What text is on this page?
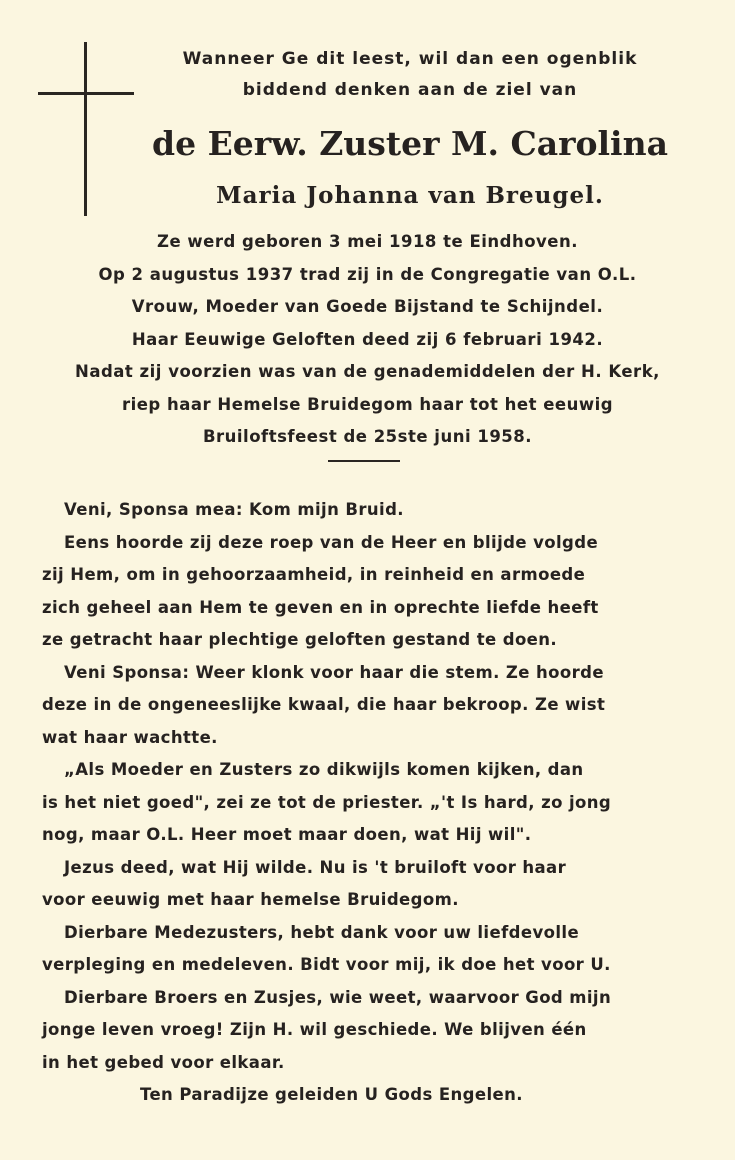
Wanneer Ge dit leest, wil dan een ogenblik
biddend denken aan de ziel van
de Eerw. Zuster M. Carolina
Maria Johanna van Breugel.
Ze werd geboren 3 mei 1918 te Eindhoven.
Op 2 augustus 1937 trad zij in de Congregatie van O.L.
Vrouw, Moeder van Goede Bijstand te Schijndel.
Haar Eeuwige Geloften deed zij 6 februari 1942.
Nadat zij voorzien was van de genademiddelen der H. Kerk,
riep haar Hemelse Bruidegom haar tot het eeuwig
Bruiloftsfeest de 25ste juni 1958.
Veni, Sponsa mea: Kom mijn Bruid.
Eens hoorde zij deze roep van de Heer en blijde volgde
zij Hem, om in gehoorzaamheid, in reinheid en armoede
zich geheel aan Hem te geven en in oprechte liefde heeft
ze getracht haar plechtige geloften gestand te doen.
Veni Sponsa: Weer klonk voor haar die stem. Ze hoorde
deze in de ongeneeslijke kwaal, die haar bekroop. Ze wist
wat haar wachtte.
„Als Moeder en Zusters zo dikwijls komen kijken, dan
is het niet goed", zei ze tot de priester. „'t Is hard, zo jong
nog, maar O.L. Heer moet maar doen, wat Hij wil".
Jezus deed, wat Hij wilde. Nu is 't bruiloft voor haar
voor eeuwig met haar hemelse Bruidegom.
Dierbare Medezusters, hebt dank voor uw liefdevolle
verpleging en medeleven. Bidt voor mij, ik doe het voor U.
Dierbare Broers en Zusjes, wie weet, waarvoor God mijn
jonge leven vroeg! Zijn H. wil geschiede. We blijven één
in het gebed voor elkaar.
Ten Paradijze geleiden U Gods Engelen.
